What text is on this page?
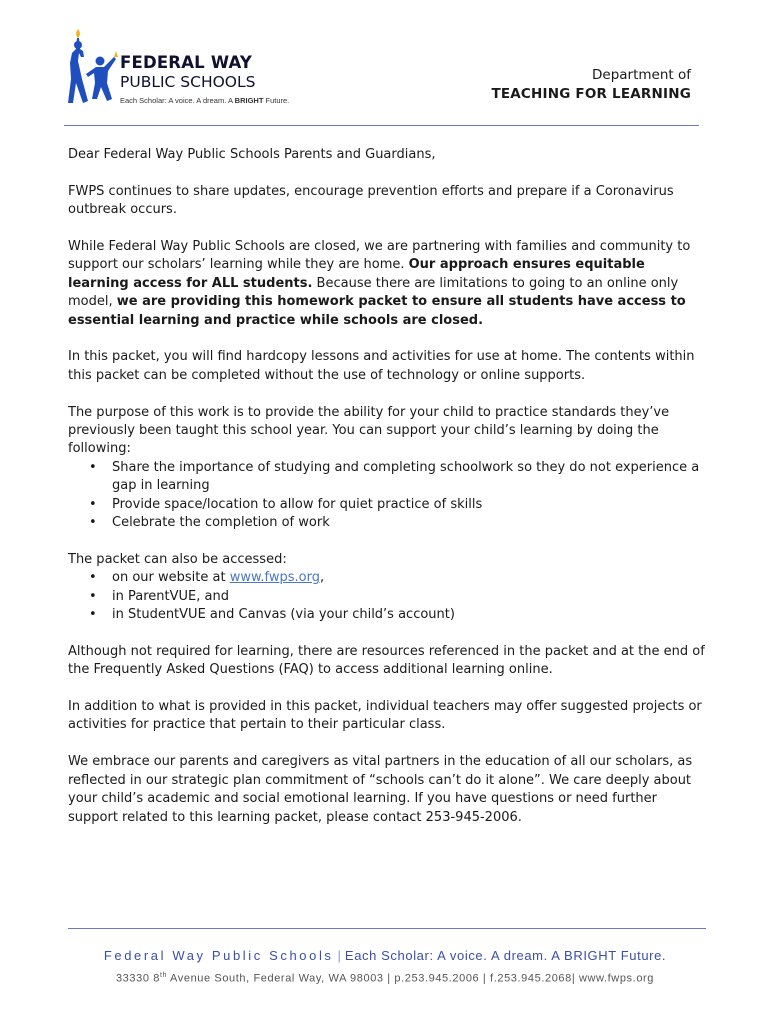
FEDERAL WAY
PUBLIC SCHOOLS
Each Scholar: A voice. A dream. A BRIGHT Future.
Department of
TEACHING FOR LEARNING

Dear Federal Way Public Schools Parents and Guardians,

FWPS continues to share updates, encourage prevention efforts and prepare if a Coronavirus outbreak occurs.

While Federal Way Public Schools are closed, we are partnering with families and community to support our scholars’ learning while they are home. Our approach ensures equitable learning access for ALL students. Because there are limitations to going to an online only model, we are providing this homework packet to ensure all students have access to essential learning and practice while schools are closed.

In this packet, you will find hardcopy lessons and activities for use at home. The contents within this packet can be completed without the use of technology or online supports.

The purpose of this work is to provide the ability for your child to practice standards they’ve previously been taught this school year. You can support your child’s learning by doing the following:

• Share the importance of studying and completing schoolwork so they do not experience a gap in learning
• Provide space/location to allow for quiet practice of skills
• Celebrate the completion of work

The packet can also be accessed:

• on our website at www.fwps.org,
• in ParentVUE, and
• in StudentVUE and Canvas (via your child’s account)

Although not required for learning, there are resources referenced in the packet and at the end of the Frequently Asked Questions (FAQ) to access additional learning online.

In addition to what is provided in this packet, individual teachers may offer suggested projects or activities for practice that pertain to their particular class.

We embrace our parents and caregivers as vital partners in the education of all our scholars, as reflected in our strategic plan commitment of “schools can’t do it alone”. We care deeply about your child’s academic and social emotional learning. If you have questions or need further support related to this learning packet, please contact 253-945-2006.

Federal Way Public Schools | Each Scholar: A voice. A dream. A BRIGHT Future.
33330 8th Avenue South, Federal Way, WA 98003 | p.253.945.2006 | f.253.945.2068| www.fwps.org
